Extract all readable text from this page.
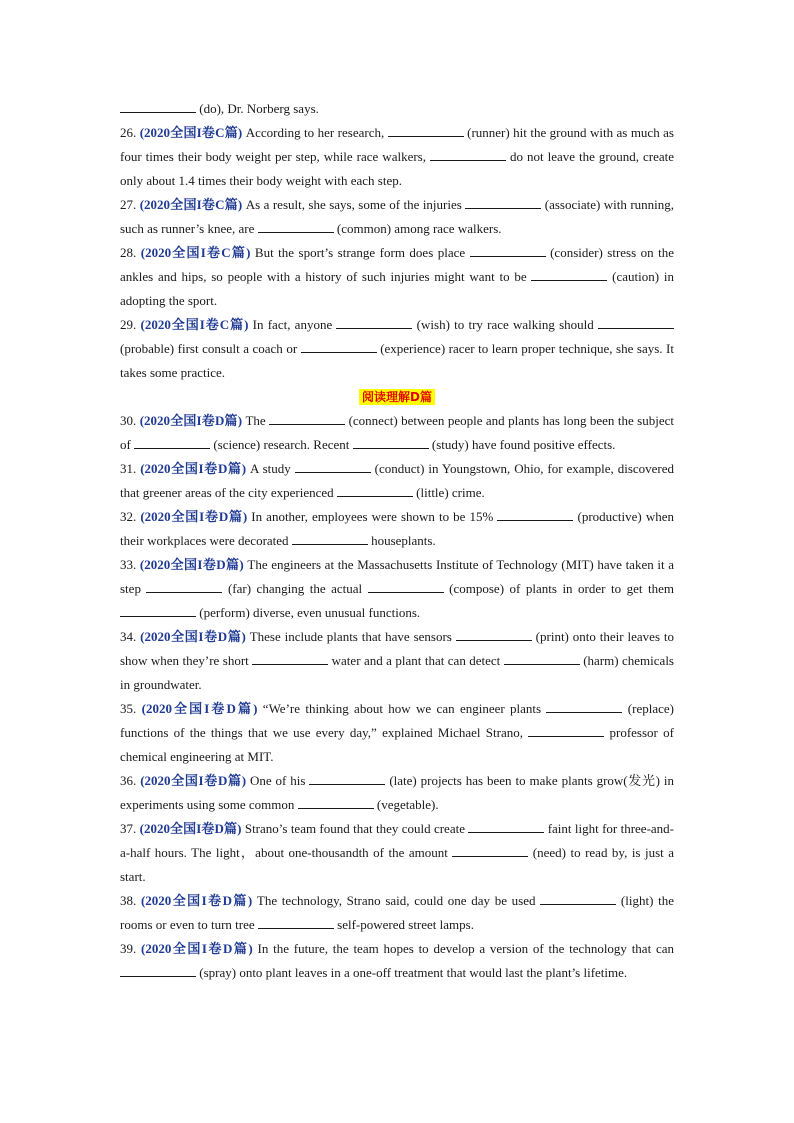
(do), Dr. Norberg says.

26. (2020全国I卷C篇) According to her research,	(runner) hit the ground with as much as four times their body weight per step, while race walkers,	do not leave the ground, create only about 1.4 times their body weight with each step.

27. (2020全国I卷C篇) As a result, she says, some of the injuries	(associate) with running, such as runner’s knee, are	(common) among race walkers.

28. (2020全国I卷C篇) But the sport’s strange form does place	(consider) stress on the ankles and hips, so people with a history of such injuries might want to be	(caution) in adopting the sport.

29. (2020全国I卷C篇) In fact, anyone	(wish) to try race walking should  (probable) first consult a coach or	(experience) racer to learn proper technique, she says. It takes some practice.

阅读理解D篇

30. (2020全国I卷D篇) The	(connect) between people and plants has long been the subject of	(science) research. Recent	(study) have found positive effects.

31. (2020全国I卷D篇) A study	(conduct) in Youngstown, Ohio, for example, discovered that greener areas of the city experienced	(little) crime.

32. (2020全国I卷D篇) In another, employees were shown to be 15%	(productive) when their workplaces were decorated	houseplants.

33. (2020全国I卷D篇) The engineers at the Massachusetts Institute of Technology (MIT) have taken it a step	(far) changing the actual	(compose) of plants in order to get them  (perform) diverse, even unusual functions.

34. (2020全国I卷D篇) These include plants that have sensors	(print) onto their leaves to show when they’re short	water and a plant that can detect	(harm) chemicals in groundwater.

35. (2020全国I卷D篇) “We’re thinking about how we can engineer plants	(replace) functions of the things that we use every day,” explained Michael Strano,	professor of chemical engineering at MIT.

36. (2020全国I卷D篇) One of his	(late) projects has been to make plants grow(发光) in experiments using some common	(vegetable).

37. (2020全国I卷D篇) Strano’s team found that they could create	faint light for three-and-a-half hours. The light，about one-thousandth of the amount	(need) to read by, is just a start.

38. (2020全国I卷D篇) The technology, Strano said, could one day be used	(light) the rooms or even to turn tree	self-powered street lamps.

39. (2020全国I卷D篇) In the future, the team hopes to develop a version of the technology that can  (spray) onto plant leaves in a one-off treatment that would last the plant’s lifetime.
